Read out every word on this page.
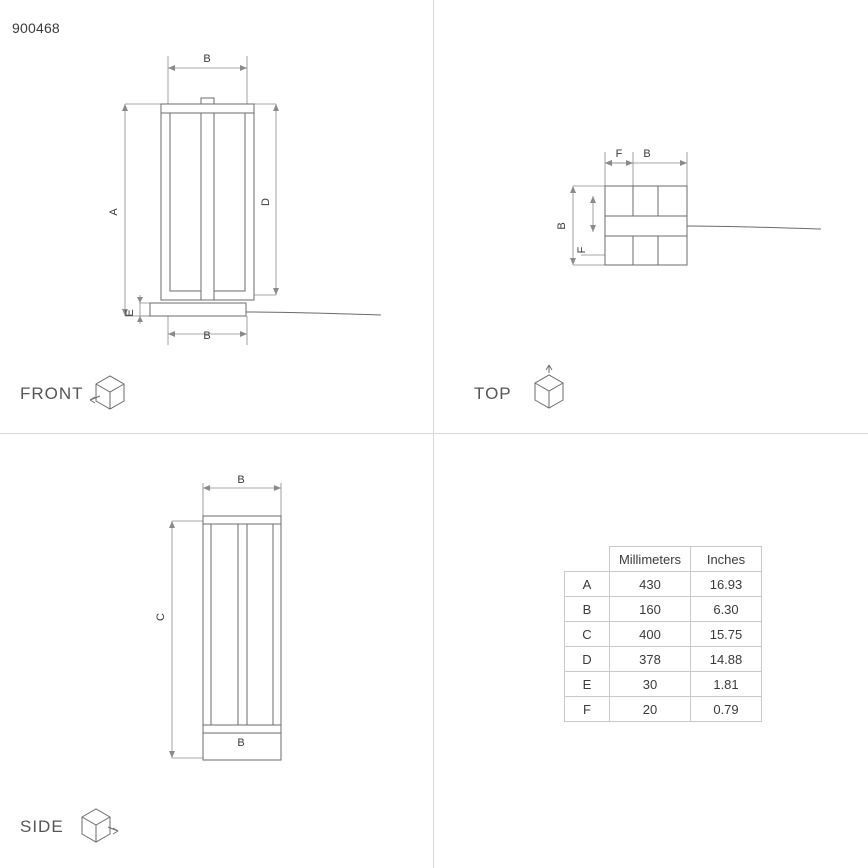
900468
B
A
D
E
B
FRONT
B
F
B
F
TOP
B
C
B
SIDE
	Millimeters	Inches
A	430	16.93
B	160	6.30
C	400	15.75
D	378	14.88
E	30	1.81
F	20	0.79
